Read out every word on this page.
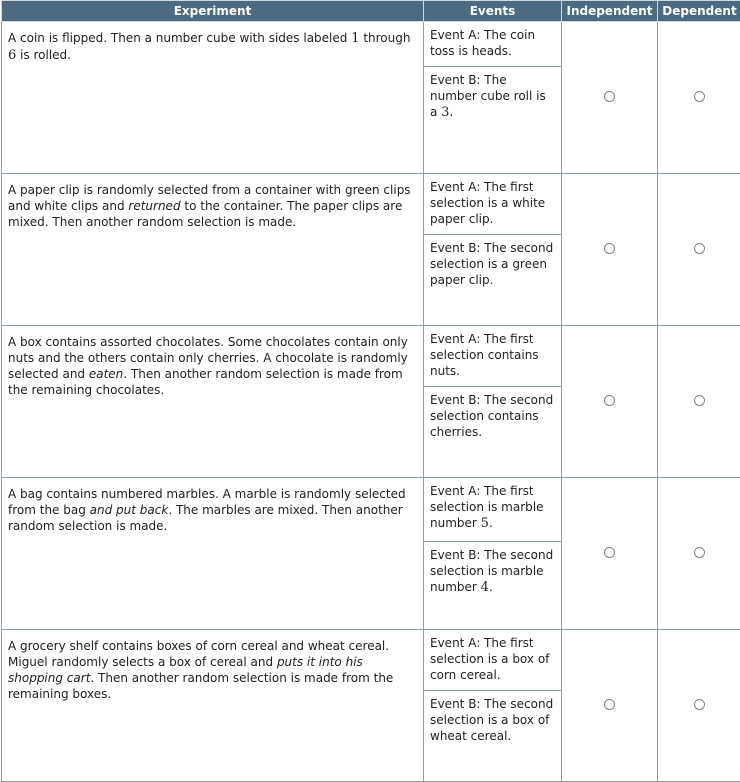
Experiment	Events	Independent	Dependent
A coin is flipped. Then a number cube with sides labeled 1 through 6 is rolled.	Event A: The coin toss is heads.
Event B: The number cube roll is a 3.		

A paper clip is randomly selected from a container with green clips and white clips and returned to the container. The paper clips are mixed. Then another random selection is made.	Event A: The first selection is a white paper clip.
Event B: The second selection is a green paper clip.		

A box contains assorted chocolates. Some chocolates contain only nuts and the others contain only cherries. A chocolate is randomly selected and eaten. Then another random selection is made from the remaining chocolates.	Event A: The first selection contains nuts.
Event B: The second selection contains cherries.		

A bag contains numbered marbles. A marble is randomly selected from the bag and put back. The marbles are mixed. Then another random selection is made.	Event A: The first selection is marble number 5.
Event B: The second selection is marble number 4.		

A grocery shelf contains boxes of corn cereal and wheat cereal. Miguel randomly selects a box of cereal and puts it into his shopping cart. Then another random selection is made from the remaining boxes.	Event A: The first selection is a box of corn cereal.
Event B: The second selection is a box of wheat cereal.		
